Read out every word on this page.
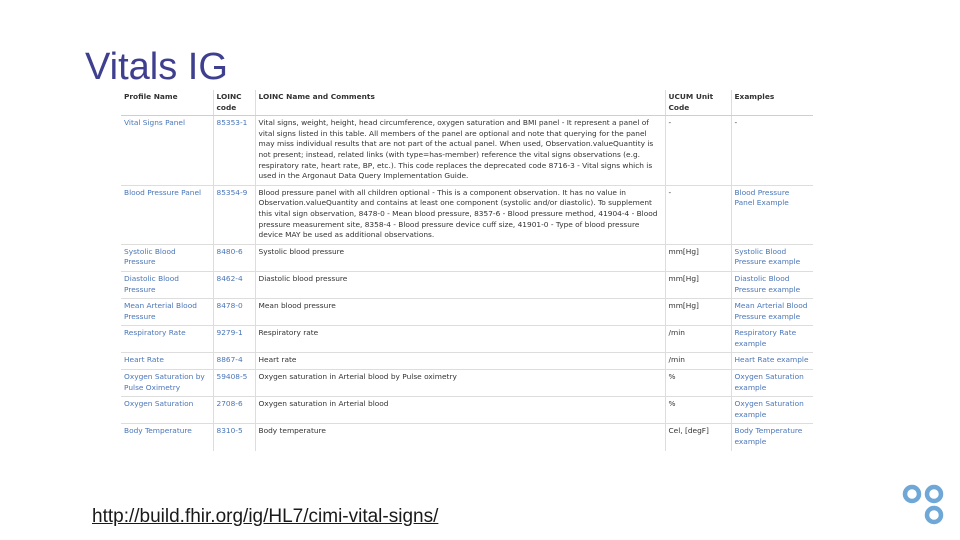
Vitals IG
Profile Name	LOINC code	LOINC Name and Comments	UCUM Unit Code	Examples
Vital Signs Panel	85353-1	Vital signs, weight, height, head circumference, oxygen saturation and BMI panel - It represent a panel of vital signs listed in this table. All members of the panel are optional and note that querying for the panel may miss individual results that are not part of the actual panel. When used, Observation.valueQuantity is not present; instead, related links (with type=has-member) reference the vital signs observations (e.g. respiratory rate, heart rate, BP, etc.). This code replaces the deprecated code 8716-3 - Vital signs which is used in the Argonaut Data Query Implementation Guide.	-	-
Blood Pressure Panel	85354-9	Blood pressure panel with all children optional - This is a component observation. It has no value in Observation.valueQuantity and contains at least one component (systolic and/or diastolic). To supplement this vital sign observation, 8478-0 - Mean blood pressure, 8357-6 - Blood pressure method, 41904-4 - Blood pressure measurement site, 8358-4 - Blood pressure device cuff size, 41901-0 - Type of blood pressure device MAY be used as additional observations.	-	Blood Pressure Panel Example
Systolic Blood Pressure	8480-6	Systolic blood pressure	mm[Hg]	Systolic Blood Pressure example
Diastolic Blood Pressure	8462-4	Diastolic blood pressure	mm[Hg]	Diastolic Blood Pressure example
Mean Arterial Blood Pressure	8478-0	Mean blood pressure	mm[Hg]	Mean Arterial Blood Pressure example
Respiratory Rate	9279-1	Respiratory rate	/min	Respiratory Rate example
Heart Rate	8867-4	Heart rate	/min	Heart Rate example
Oxygen Saturation by Pulse Oximetry	59408-5	Oxygen saturation in Arterial blood by Pulse oximetry	%	Oxygen Saturation example
Oxygen Saturation	2708-6	Oxygen saturation in Arterial blood	%	Oxygen Saturation example
Body Temperature	8310-5	Body temperature	Cel, [degF]	Body Temperature example
http://build.fhir.org/ig/HL7/cimi-vital-signs/
